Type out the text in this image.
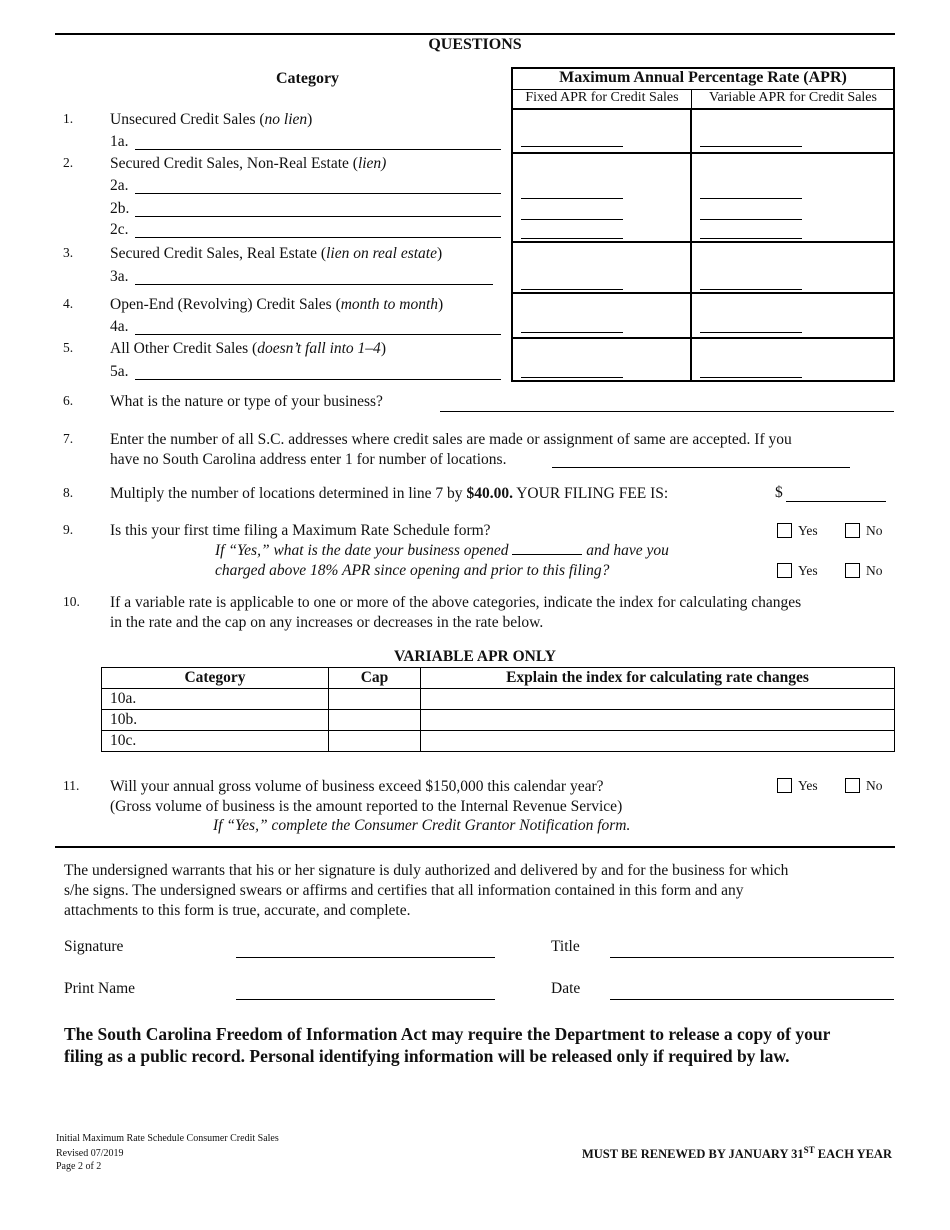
QUESTIONS
Category	Maximum Annual Percentage Rate (APR)
Fixed APR for Credit Sales	Variable APR for Credit Sales
1. Unsecured Credit Sales (no lien)
1a.
2. Secured Credit Sales, Non-Real Estate (lien)
2a.
2b.
2c.
3. Secured Credit Sales, Real Estate (lien on real estate)
3a.
4. Open-End (Revolving) Credit Sales (month to month)
4a.
5. All Other Credit Sales (doesn’t fall into 1–4)
5a.
6. What is the nature or type of your business?
7. Enter the number of all S.C. addresses where credit sales are made or assignment of same are accepted. If you
have no South Carolina address enter 1 for number of locations.
8. Multiply the number of locations determined in line 7 by $40.00. YOUR FILING FEE IS:	$
9. Is this your first time filing a Maximum Rate Schedule form?
If “Yes,” what is the date your business opened	and have you
charged above 18% APR since opening and prior to this filing?
Yes	No
Yes	No
10. If a variable rate is applicable to one or more of the above categories, indicate the index for calculating changes
in the rate and the cap on any increases or decreases in the rate below.
VARIABLE APR ONLY
Category	Cap	Explain the index for calculating rate changes
10a.		
10b.		
10c.		
11. Will your annual gross volume of business exceed $150,000 this calendar year?
(Gross volume of business is the amount reported to the Internal Revenue Service)
If “Yes,” complete the Consumer Credit Grantor Notification form.
Yes	No
The undersigned warrants that his or her signature is duly authorized and delivered by and for the business for which
s/he signs. The undersigned swears or affirms and certifies that all information contained in this form and any
attachments to this form is true, accurate, and complete.
Signature	Title
Print Name	Date
The South Carolina Freedom of Information Act may require the Department to release a copy of your
filing as a public record. Personal identifying information will be released only if required by law.
Initial Maximum Rate Schedule Consumer Credit Sales
Revised 07/2019
Page 2 of 2
MUST BE RENEWED BY JANUARY 31ST EACH YEAR
